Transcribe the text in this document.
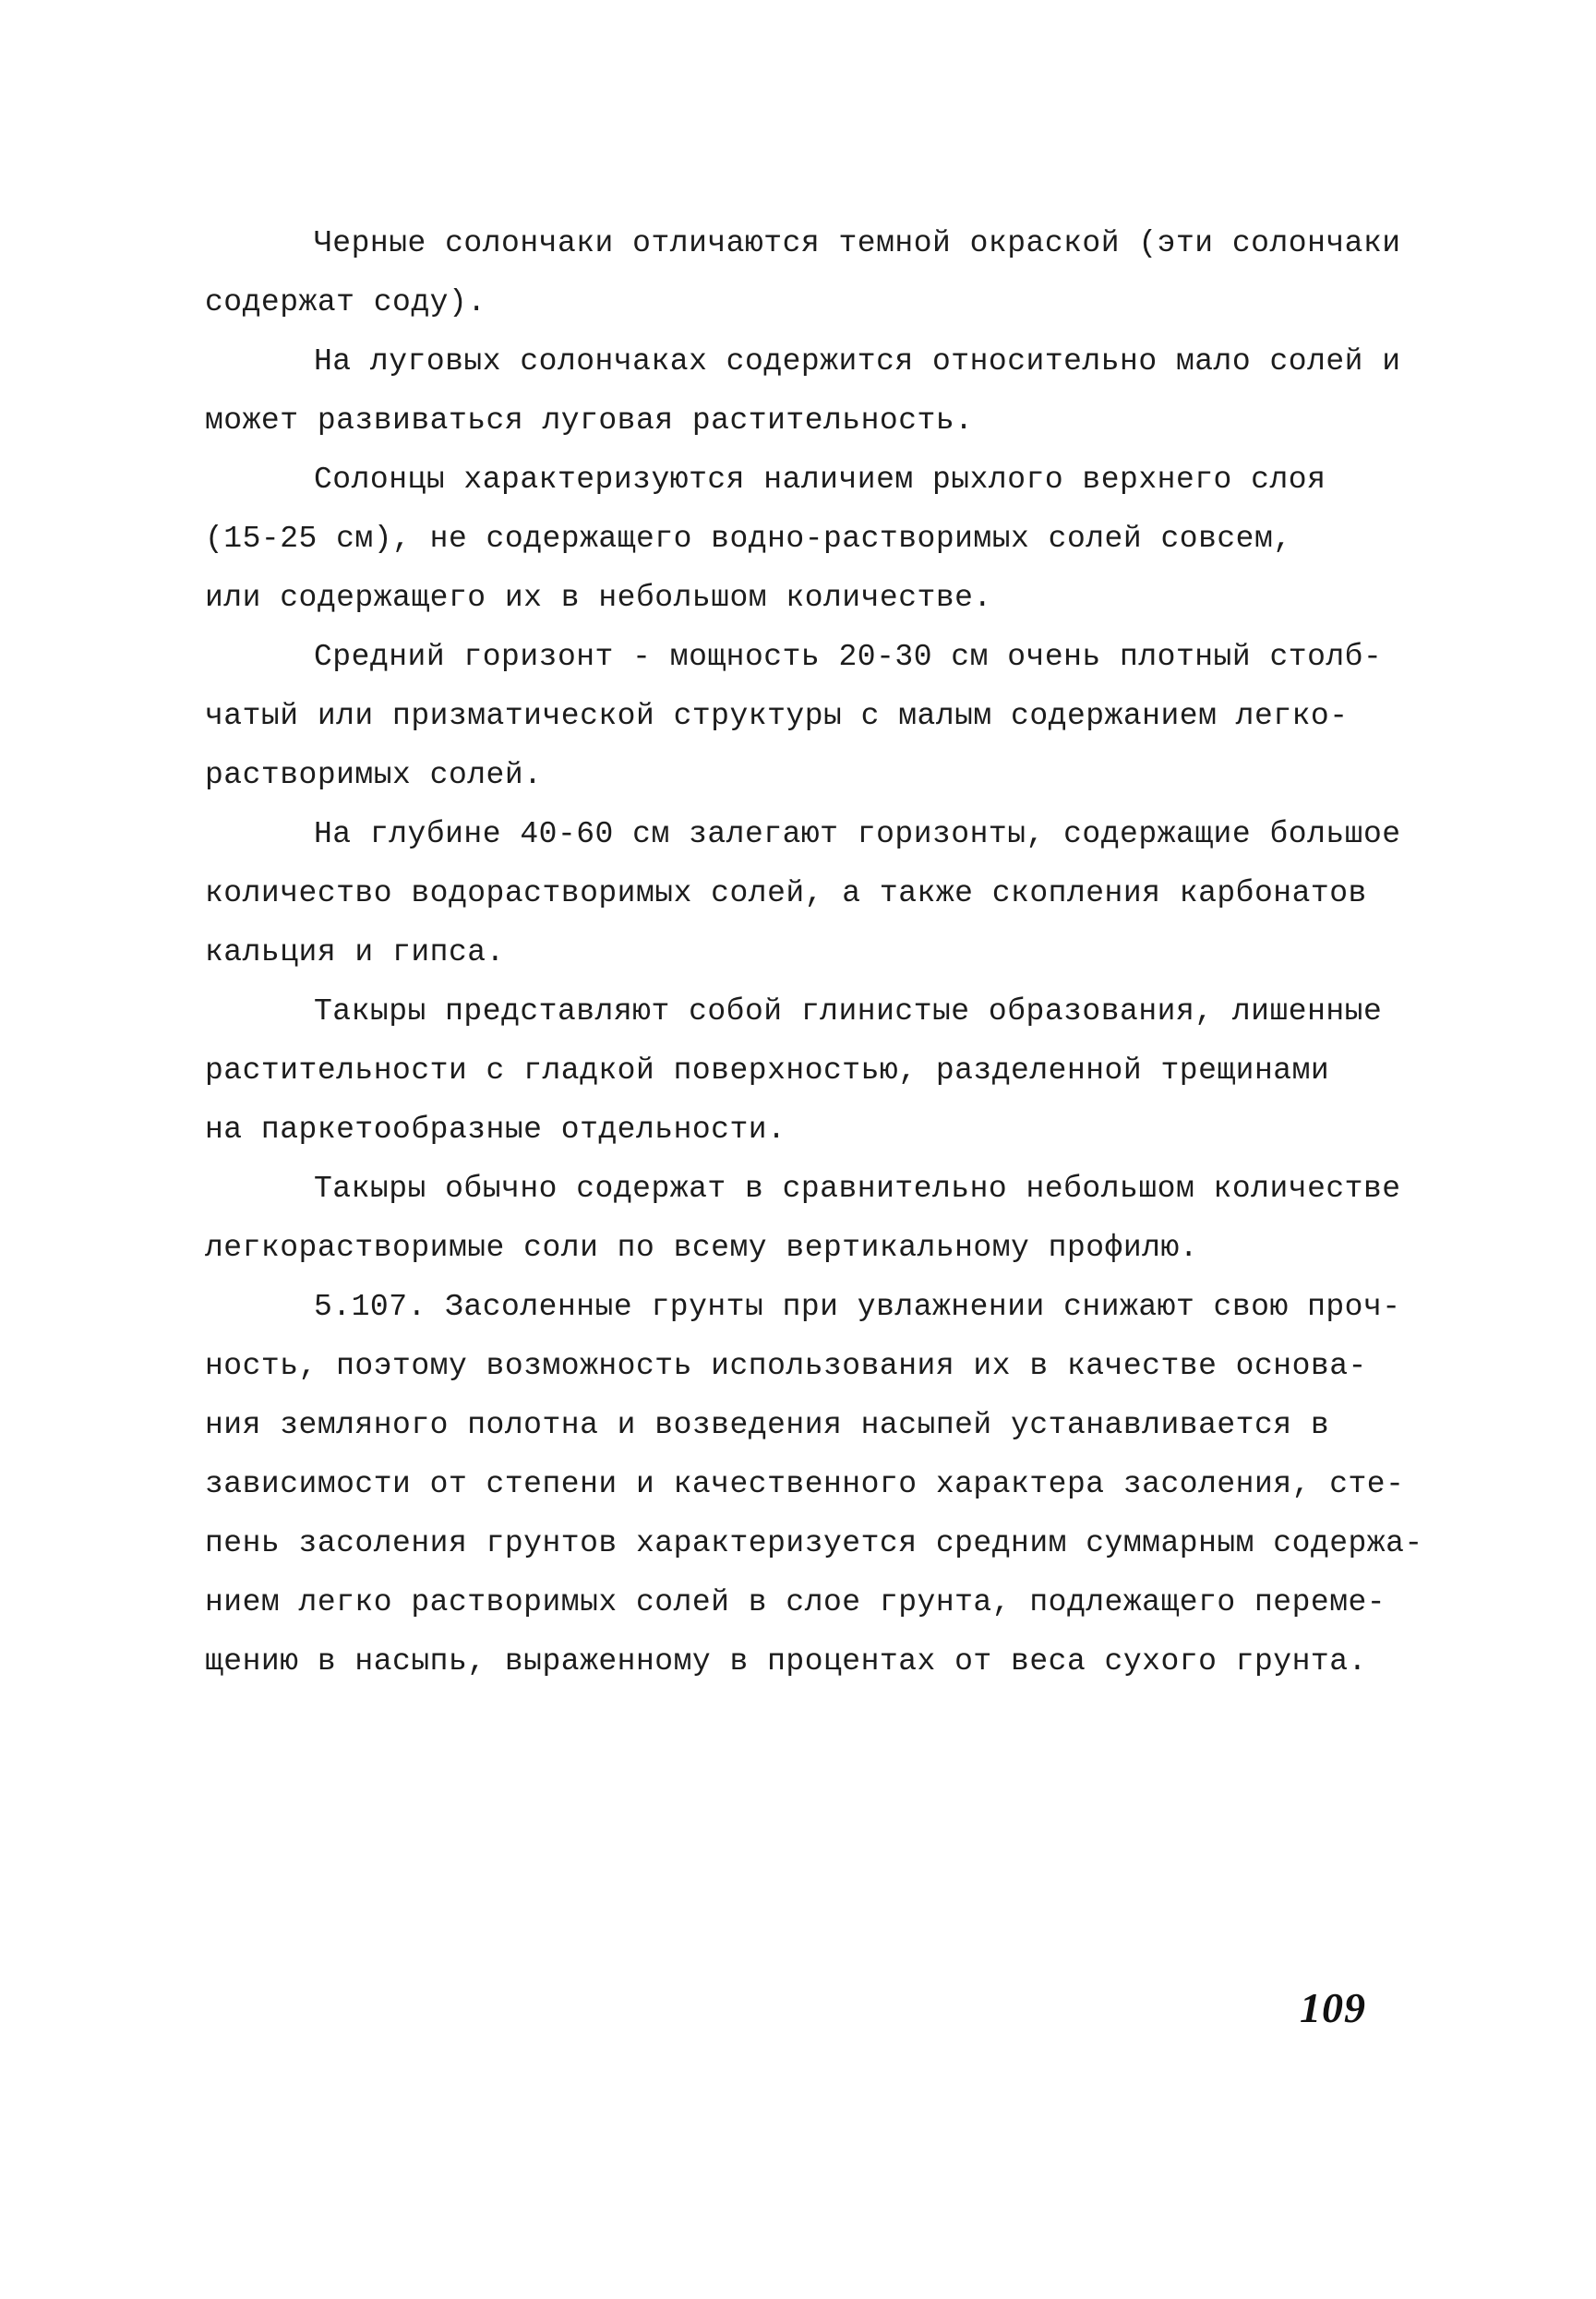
Черные солончаки отличаются темной окраской (эти солончаки
содержат соду).
На луговых солончаках содержится относительно мало солей и
может развиваться луговая растительность.
Солонцы характеризуются наличием рыхлого верхнего слоя
(15-25 см), не содержащего водно-растворимых солей совсем,
или содержащего их в небольшом количестве.
Средний горизонт - мощность 20-30 см очень плотный столб-
чатый или призматической структуры с малым содержанием легко-
растворимых солей.
На глубине 40-60 см залегают горизонты, содержащие большое
количество водорастворимых солей, а также скопления карбонатов
кальция и гипса.
Такыры представляют собой глинистые образования, лишенные
растительности с гладкой поверхностью, разделенной трещинами
на паркетообразные отдельности.
Такыры обычно содержат в сравнительно небольшом количестве
легкорастворимые соли по всему вертикальному профилю.
5.107. Засоленные грунты при увлажнении снижают свою проч-
ность, поэтому возможность использования их в качестве основа-
ния земляного полотна и возведения насыпей устанавливается в
зависимости от степени и качественного характера засоления, сте-
пень засоления грунтов характеризуется средним суммарным содержа-
нием легко растворимых солей в слое грунта, подлежащего переме-
щению в насыпь, выраженному в процентах от веса сухого грунта.
109
